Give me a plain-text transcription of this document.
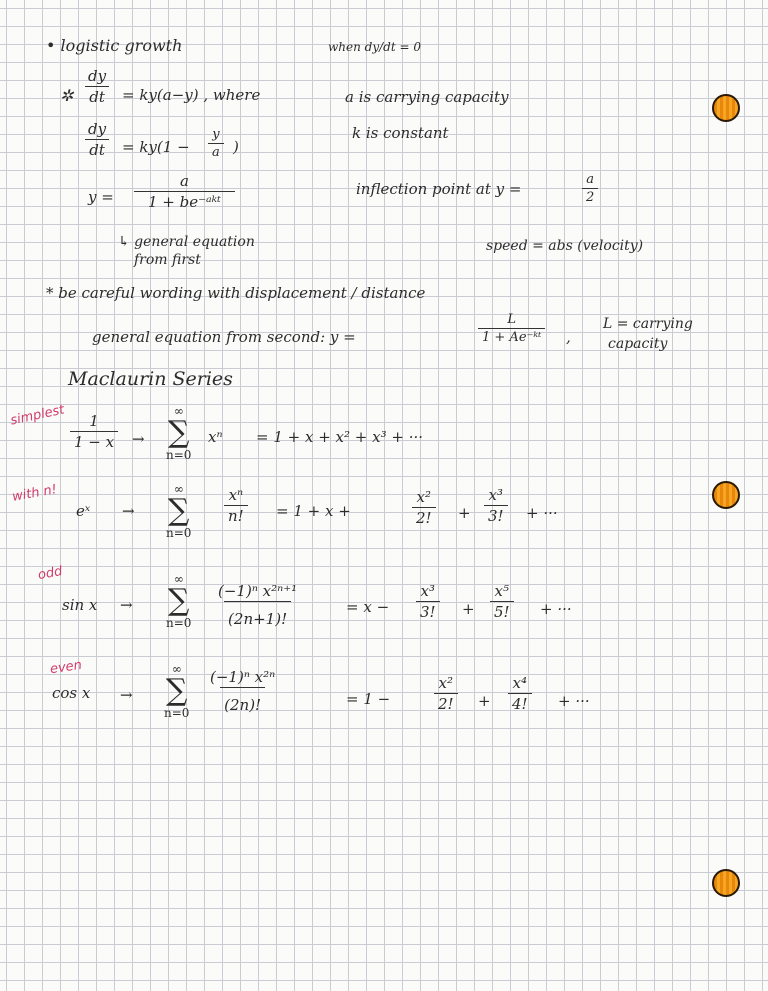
• logistic growth	when dy/dt = 0
✲ $\frac{dy}{dt} = ky(a-y)$ , where	a is carrying capacity
$\frac{dy}{dt} = ky(1 - \frac{y}{a}$ )
k is constant
y =
a
1 + be⁻ᵃᵏᵗ
inflection point at y =	$\frac{a}{2}$
↳ general equation
from first
speed = abs (velocity)
* be careful wording with displacement / distance
general equation from second: y =	$\frac{L}{\text{1 + Ae⁻ᵏᵗ}}$ ,
L = carrying
capacity
Maclaurin Series
simplest $\frac{1}{1 - x}$ →
∞
∑
n=0
xⁿ = 1 + x + x² + x³ + ···
with n!
eˣ →
∞
∑
n=0
$\frac{\text{xⁿ}}{n!} = 1 + x$ +	$\frac{\text{x²}}{2!} + \frac{\text{x³}}{3!}$ + ···
odd
sin x →
∞
∑
$n=0 \frac{\text{(−1)ⁿ x²ⁿ⁺¹}}{(2n+1)!}$	= $x - \frac{\text{x³}}{3!} + \frac{\text{x⁵}}{5!}$ + ···
even
cos x →
∞
∑
$n=0 \frac{\text{(−1)ⁿ x²ⁿ}}{(2n)!}$	= 1 −	$\frac{\text{x²}}{2!} + \frac{\text{x⁴}}{4!}$ + ···
